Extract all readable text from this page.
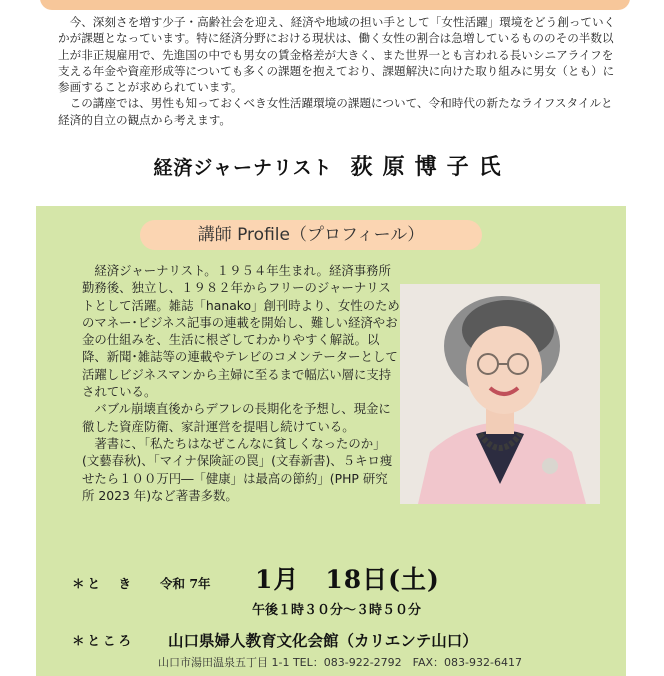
今、深刻さを増す少子・高齢社会を迎え、経済や地域の担い手として「女性活躍」環境をどう創っていくかが課題となっています。特に経済分野における現状は、働く女性の割合は急増しているもののその半数以上が非正規雇用で、先進国の中でも男女の賃金格差が大きく、また世界一とも言われる長いシニアライフを支える年金や資産形成等についても多くの課題を抱えており、課題解決に向けた取り組みに男女（とも）に参画することが求められています。

この講座では、男性も知っておくべき女性活躍環境の課題について、令和時代の新たなライフスタイルと経済的自立の観点から考えます。

経済ジャーナリスト 荻原博子氏
講師 Profile（プロフィール）

経済ジャーナリスト。１９５４年生まれ。経済事務所勤務後、独立し、１９８２年からフリーのジャーナリストとして活躍。雑誌「hanako」創刊時より、女性のためのマネー･ビジネス記事の連載を開始し、難しい経済やお金の仕組みを、生活に根ざしてわかりやすく解説。以降、新聞･雑誌等の連載やテレビのコメンテーターとして活躍しビジネスマンから主婦に至るまで幅広い層に支持されている。

バブル崩壊直後からデフレの長期化を予想し、現金に徹した資産防衛、家計運営を提唱し続けている。

著書に、「私たちはなぜこんなに貧しくなったのか」(文藝春秋)、「マイナ保険証の罠」(文春新書)、５キロ痩せたら１００万円―「健康」は最高の節約」(PHP 研究所 2023 年)など著書多数。

＊と　き 令和 7年 1月　18日(土)
午後１時３０分～３時５０分
＊ところ 山口県婦人教育文化会館（カリエンテ山口）
山口市湯田温泉五丁目 1-1 TEL：083-922-2792　FAX：083-932-6417
